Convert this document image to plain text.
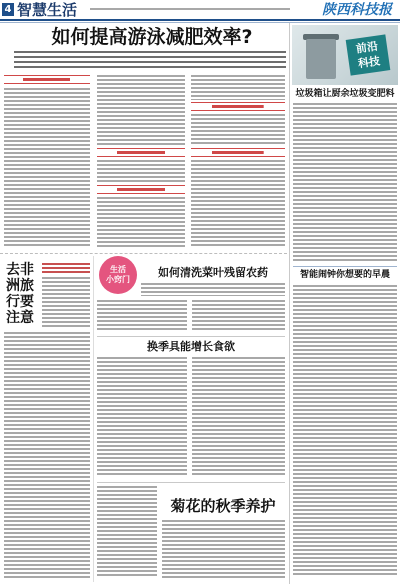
4 智慧生活	陕西科技报
如何提高游泳减肥效率?	前沿
科技
垃圾箱让厨余垃圾变肥料
智能闹钟你想要的早晨
去非洲旅行要注意
生活
小窍门
如何清洗菜叶残留农药
换季具能增长食欲
菊花的秋季养护
